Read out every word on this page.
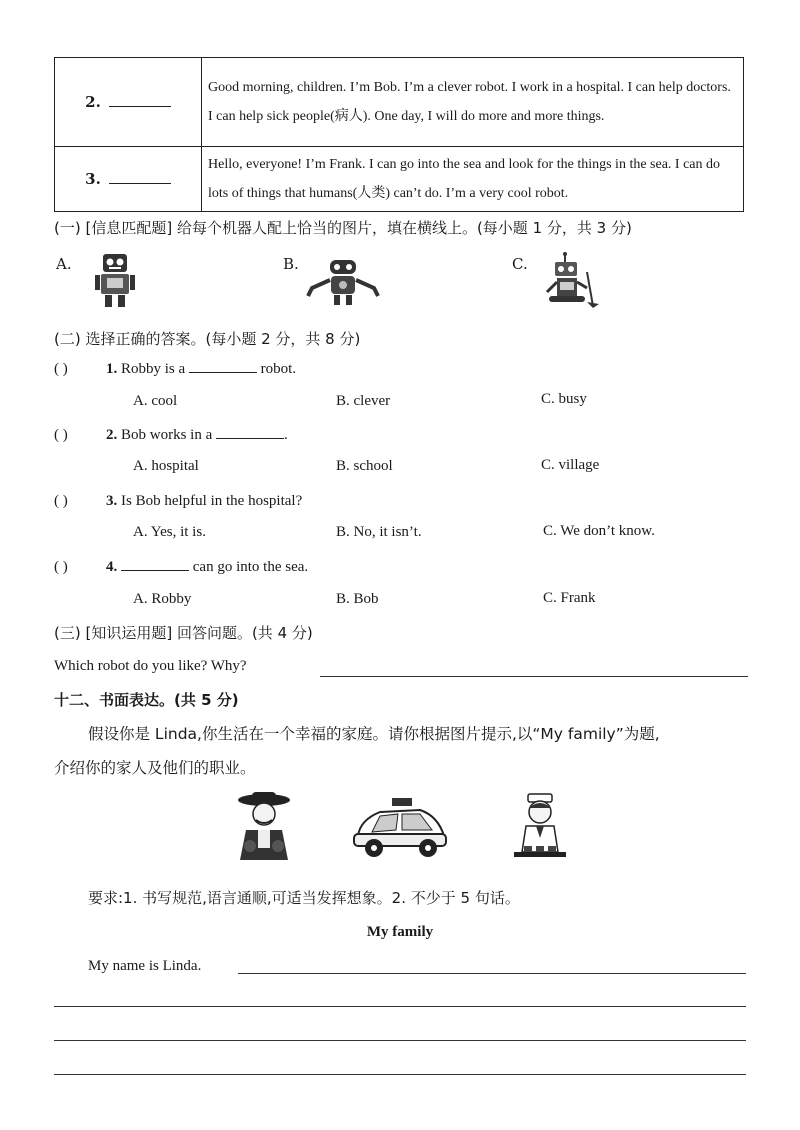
2.	Good morning, children. I’m Bob. I’m a clever robot. I work in a hospital. I can help doctors. I can help sick people(病人). One day, I will do more and more things.
3.	Hello, everyone! I’m Frank. I can go into the sea and look for the things in the sea. I can do lots of things that humans(人类) can’t do. I’m a very cool robot.
(一) [信息匹配题] 给每个机器人配上恰当的图片，填在横线上。(每小题 1 分，共 3 分)
A.	B.	C.
(二) 选择正确的答案。(每小题 2 分，共 8 分)
( )	1. Robby is a	robot.
A. cool	B. clever	C. busy
( )	2. Bob works in a	.
A. hospital	B. school	C. village
( )	3. Is Bob helpful in the hospital?
A. Yes, it is.	B. No, it isn’t.	C. We don’t know.
( )	4.	can go into the sea.
A. Robby	B. Bob	C. Frank
(三) [知识运用题] 回答问题。(共 4 分)
Which robot do you like? Why?
十二、书面表达。(共 5 分)
假设你是 Linda,你生活在一个幸福的家庭。请你根据图片提示,以“My family”为题,
介绍你的家人及他们的职业。
要求:1. 书写规范,语言通顺,可适当发挥想象。2. 不少于 5 句话。
My family
My name is Linda.
